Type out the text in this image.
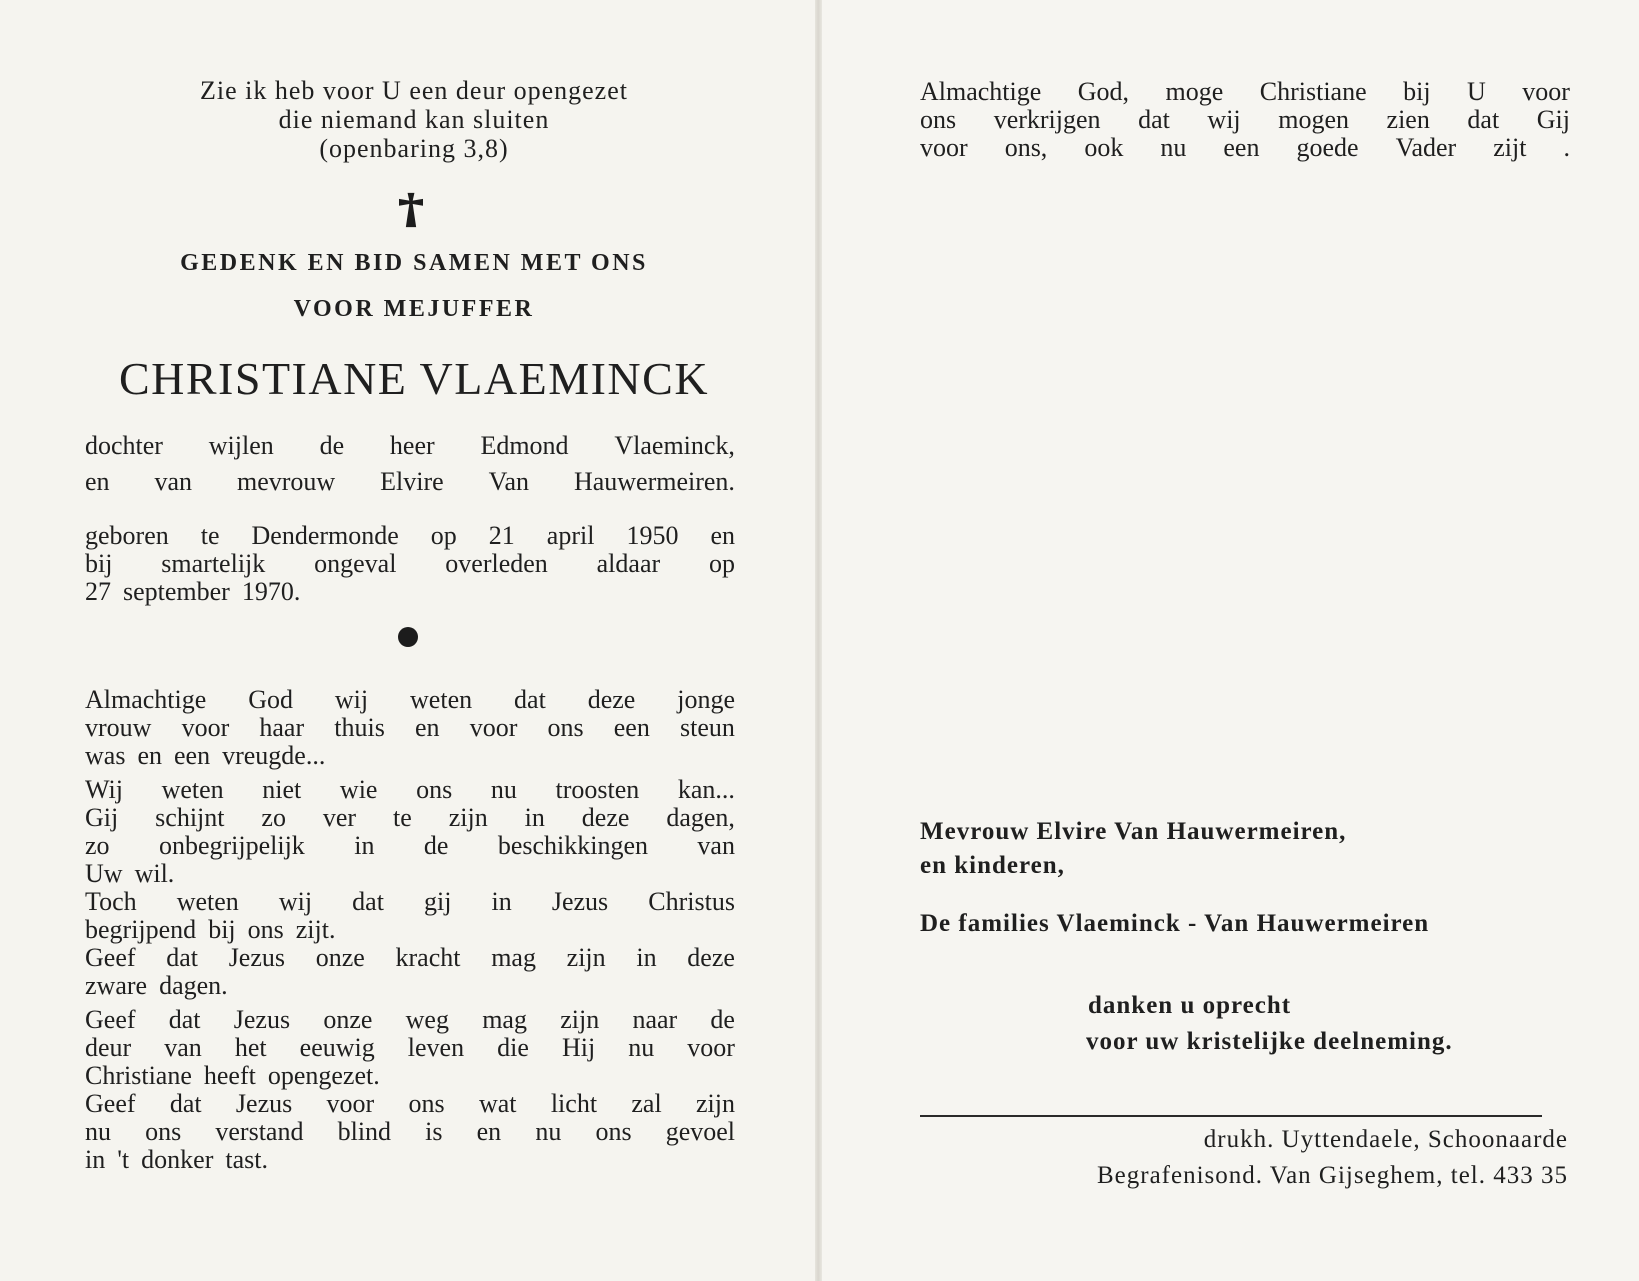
Zie ik heb voor U een deur opengezet
die niemand kan sluiten
(openbaring 3,8)
GEDENK EN BID SAMEN MET ONS
VOOR MEJUFFER
CHRISTIANE VLAEMINCK
dochter wijlen de heer Edmond Vlaeminck,
en van mevrouw Elvire Van Hauwermeiren.
geboren te Dendermonde op 21 april 1950 en
bij smartelijk ongeval overleden aldaar op
27 september 1970.
Almachtige God wij weten dat deze jonge
vrouw voor haar thuis en voor ons een steun
was en een vreugde...
Wij weten niet wie ons nu troosten kan...
Gij schijnt zo ver te zijn in deze dagen,
zo onbegrijpelijk in de beschikkingen van
Uw wil.
Toch weten wij dat gij in Jezus Christus
begrijpend bij ons zijt.
Geef dat Jezus onze kracht mag zijn in deze
zware dagen.
Geef dat Jezus onze weg mag zijn naar de
deur van het eeuwig leven die Hij nu voor
Christiane heeft opengezet.
Geef dat Jezus voor ons wat licht zal zijn
nu ons verstand blind is en nu ons gevoel
in 't donker tast.
Almachtige God, moge Christiane bij U voor
ons verkrijgen dat wij mogen zien dat Gij
voor ons, ook nu een goede Vader zijt .
Mevrouw Elvire Van Hauwermeiren,
en kinderen,
De families Vlaeminck - Van Hauwermeiren
danken u oprecht
voor uw kristelijke deelneming.
drukh. Uyttendaele, Schoonaarde
Begrafenisond. Van Gijseghem, tel. 433 35
